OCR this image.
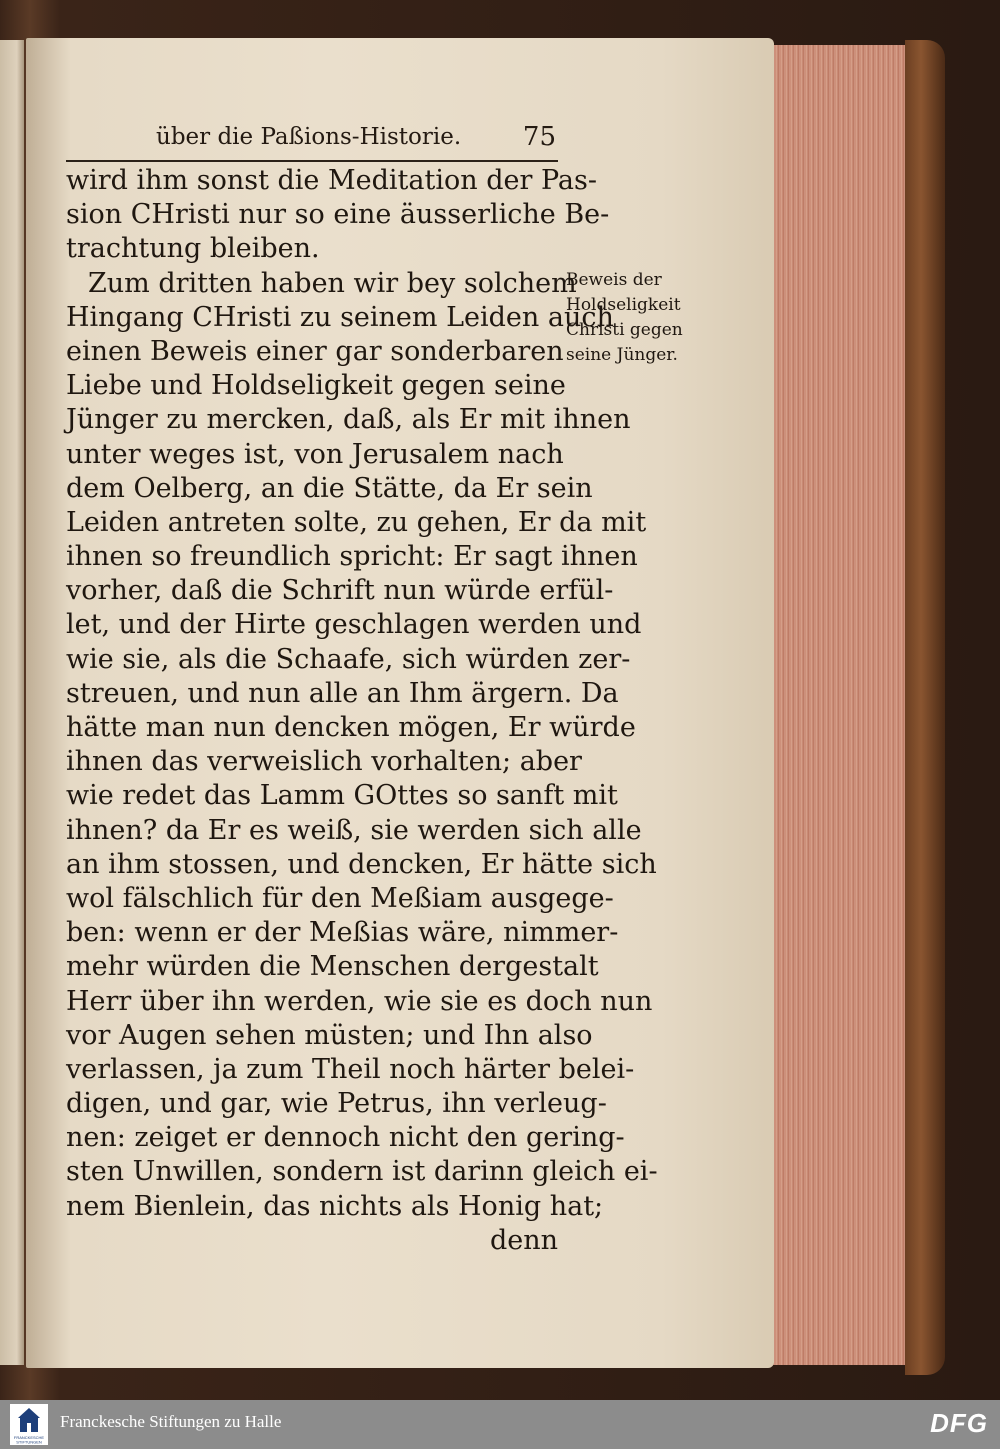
über die Paßions-Historie. 75
wird ihm sonst die Meditation der Pas-
sion CHristi nur so eine äusserliche Be-
trachtung bleiben.
Zum dritten haben wir bey solchem
Hingang CHristi zu seinem Leiden auch
einen Beweis einer gar sonderbaren
Liebe und Holdseligkeit gegen seine
Jünger zu mercken, daß, als Er mit ihnen
unter weges ist, von Jerusalem nach
dem Oelberg, an die Stätte, da Er sein
Leiden antreten solte, zu gehen, Er da mit
ihnen so freundlich spricht: Er sagt ihnen
vorher, daß die Schrift nun würde erfül-
let, und der Hirte geschlagen werden und
wie sie, als die Schaafe, sich würden zer-
streuen, und nun alle an Ihm ärgern. Da
hätte man nun dencken mögen, Er würde
ihnen das verweislich vorhalten; aber
wie redet das Lamm GOttes so sanft mit
ihnen? da Er es weiß, sie werden sich alle
an ihm stossen, und dencken, Er hätte sich
wol fälschlich für den Meßiam ausgege-
ben: wenn er der Meßias wäre, nimmer-
mehr würden die Menschen dergestalt
Herr über ihn werden, wie sie es doch nun
vor Augen sehen müsten; und Ihn also
verlassen, ja zum Theil noch härter belei-
digen, und gar, wie Petrus, ihn verleug-
nen: zeiget er dennoch nicht den gering-
sten Unwillen, sondern ist darinn gleich ei-
nem Bienlein, das nichts als Honig hat;
denn
Beweis der
Holdseligkeit
Christi gegen
seine Jünger.
FRANCKESCHE
STIFTUNGEN
Franckesche Stiftungen zu Halle	DFG
